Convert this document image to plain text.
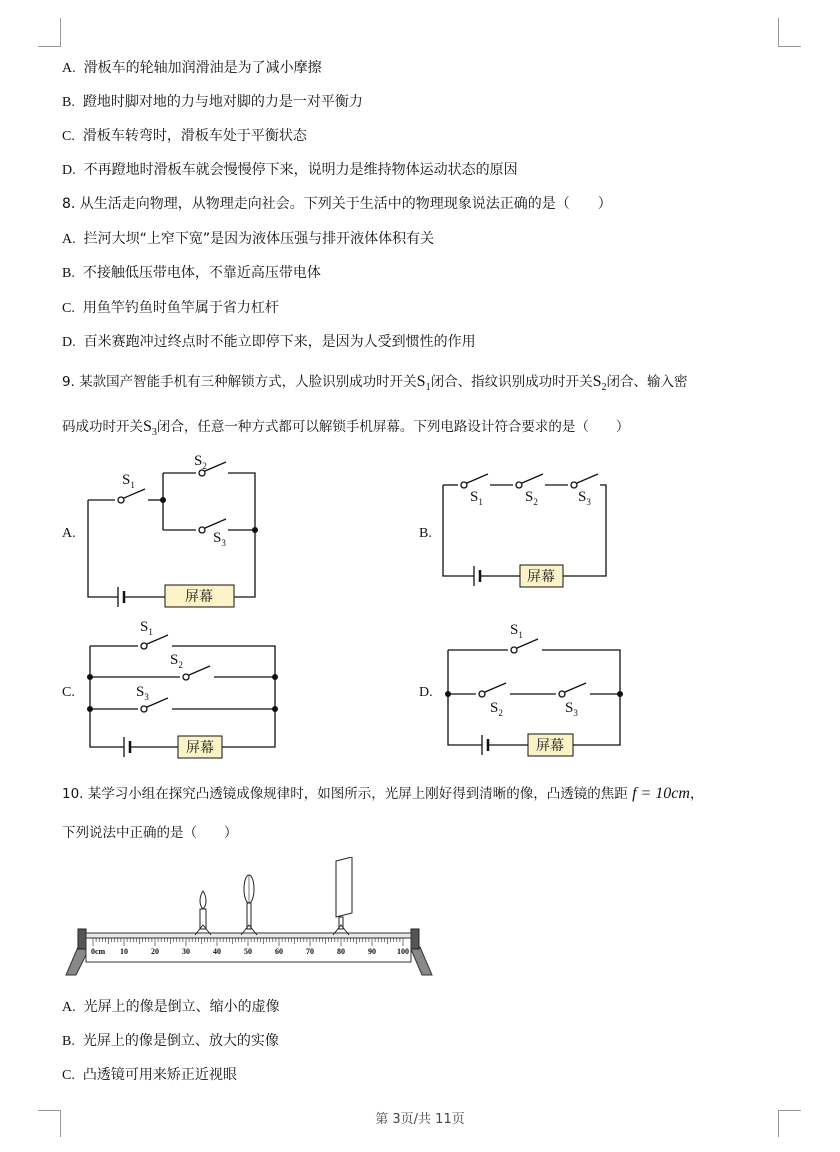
A. 滑板车的轮轴加润滑油是为了减小摩擦
B. 蹬地时脚对地的力与地对脚的力是一对平衡力
C. 滑板车转弯时，滑板车处于平衡状态
D. 不再蹬地时滑板车就会慢慢停下来，说明力是维持物体运动状态的原因
8. 从生活走向物理，从物理走向社会。下列关于生活中的物理现象说法正确的是（　　）
A. 拦河大坝“上窄下宽”是因为液体压强与排开液体体积有关
B. 不接触低压带电体，不靠近高压带电体
C. 用鱼竿钓鱼时鱼竿属于省力杠杆
D. 百米赛跑冲过终点时不能立即停下来，是因为人受到惯性的作用
9. 某款国产智能手机有三种解锁方式，人脸识别成功时开关$S_1$闭合、指纹识别成功时开关$S_2$闭合、输入密
码成功时开关$S_3$闭合，任意一种方式都可以解锁手机屏幕。下列电路设计符合要求的是（　　）
屏幕
屏幕
屏幕	屏幕
A.	B.
C.	D.
$S_1$
$S_2$
$S_3$
$S_1$	$S_2$	$S_3$
$S_1$
$S_2$
$S_3$
$S_1$
$S_2$	$S_3$
10. 某学习小组在探究凸透镜成像规律时，如图所示，光屏上刚好得到清晰的像，凸透镜的焦距 f = 10cm，
下列说法中正确的是（　　）
0cm 10	20	30	40	50	60	70	80	90	100
A. 光屏上的像是倒立、缩小的虚像
B. 光屏上的像是倒立、放大的实像
C. 凸透镜可用来矫正近视眼
第 3页/共 11页
